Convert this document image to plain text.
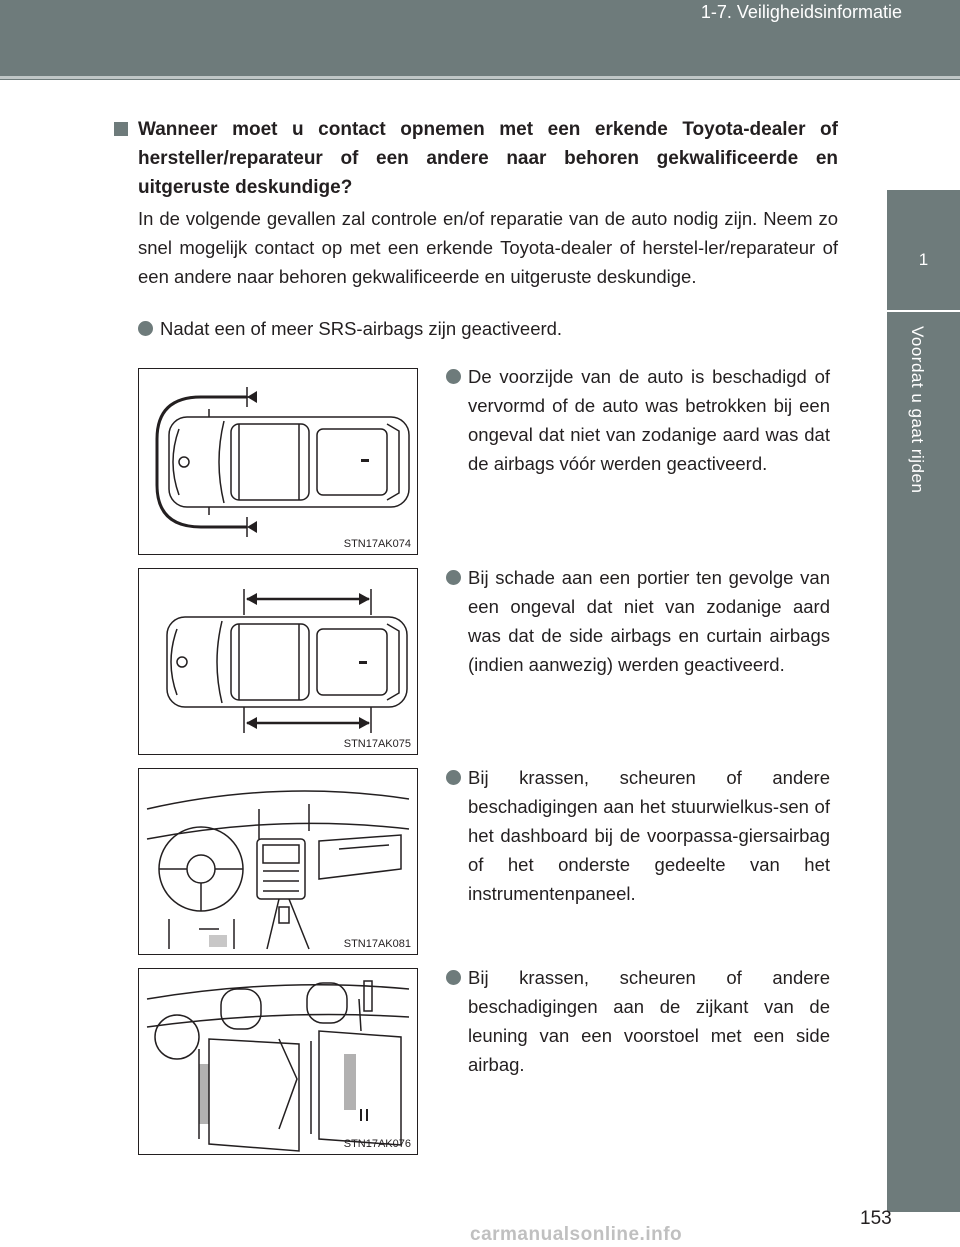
1-7. Veiligheidsinformatie
1
Voordat u gaat rijden
Wanneer moet u contact opnemen met een erkende Toyota-dealer of hersteller/reparateur of een andere naar behoren gekwalificeerde en uitgeruste deskundige?
In de volgende gevallen zal controle en/of reparatie van de auto nodig zijn. Neem zo snel mogelijk contact op met een erkende Toyota-dealer of herstel-ler/reparateur of een andere naar behoren gekwalificeerde en uitgeruste deskundige.
Nadat een of meer SRS-airbags zijn geactiveerd.
De voorzijde van de auto is beschadigd of vervormd of de auto was betrokken bij een ongeval dat niet van zodanige aard was dat de airbags vóór werden geactiveerd.
Bij schade aan een portier ten gevolge van een ongeval dat niet van zodanige aard was dat de side airbags en curtain airbags (indien aanwezig) werden geactiveerd.
Bij krassen, scheuren of andere beschadigingen aan het stuurwielkus-sen of het dashboard bij de voorpassa-giersairbag of het onderste gedeelte van het instrumentenpaneel.
Bij krassen, scheuren of andere beschadigingen aan de zijkant van de leuning van een voorstoel met een side airbag.
STN17AK074
STN17AK075
STN17AK081
STN17AK076
153
carmanualsonline.info
